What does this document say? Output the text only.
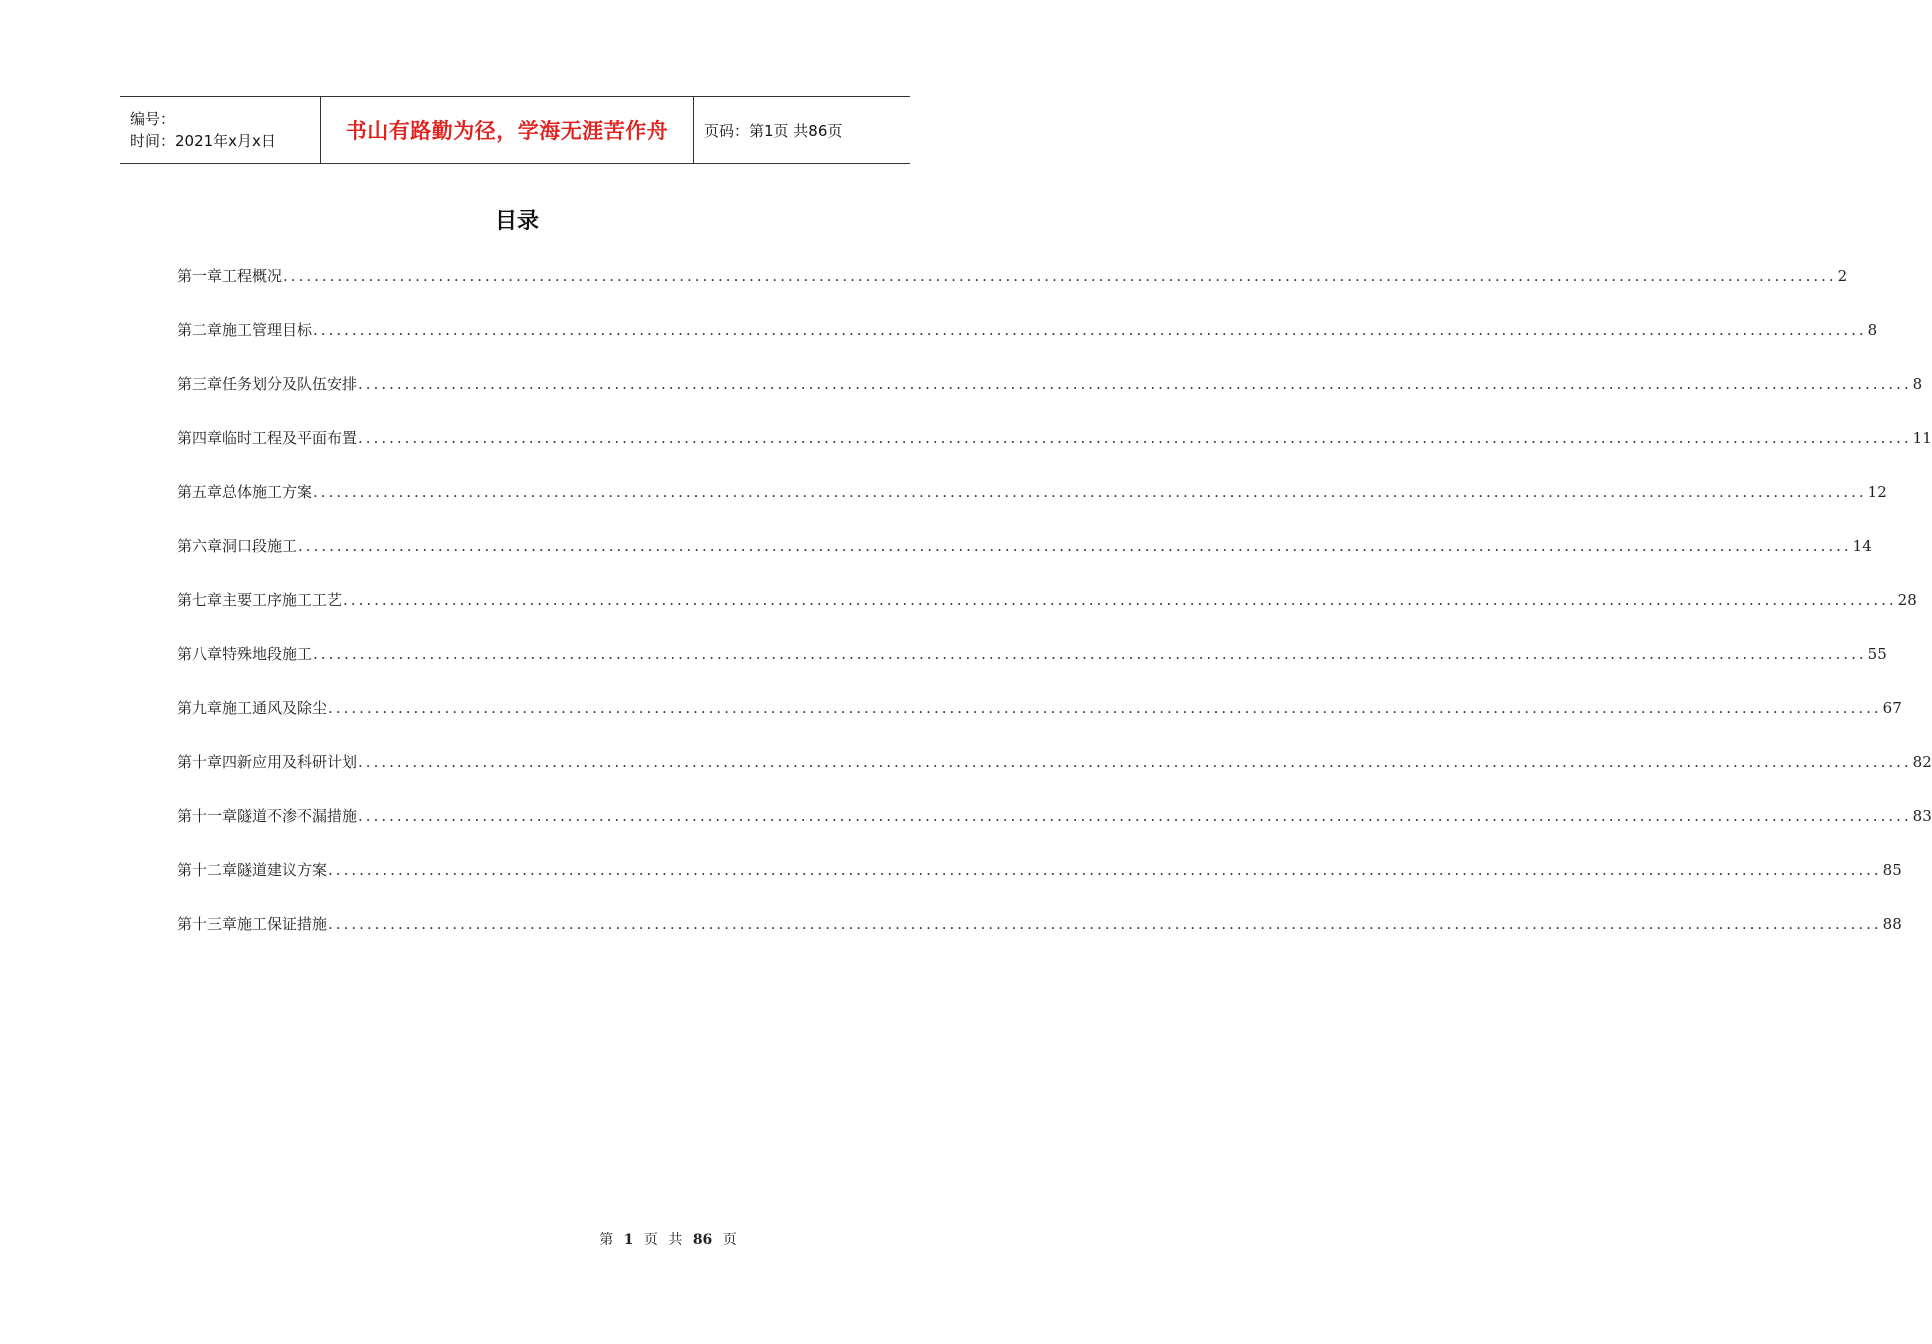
编号：
时间：2021年x月x日	书山有路勤为径，学海无涯苦作舟	页码：第1页 共86页
目录
第一章 工程概况 ........................................................................................................................................................................................................ 2
第二章 施工管理目标 ........................................................................................................................................................................................................ 8
第三章 任务划分及队伍安排 ........................................................................................................................................................................................................ 8
第四章 临时工程及平面布置 ........................................................................................................................................................................................................ 11
第五章 总体施工方案 ........................................................................................................................................................................................................ 12
第六章 洞口段施工 ........................................................................................................................................................................................................ 14
第七章 主要工序施工工艺 ........................................................................................................................................................................................................ 28
第八章 特殊地段施工 ........................................................................................................................................................................................................ 55
第九章 施工通风及除尘 ........................................................................................................................................................................................................ 67
第十章 四新应用及科研计划 ........................................................................................................................................................................................................ 82
第十一章 隧道不渗不漏措施 ........................................................................................................................................................................................................ 83
第十二章 隧道建议方案 ........................................................................................................................................................................................................ 85
第十三章 施工保证措施 ........................................................................................................................................................................................................ 88
第 1 页 共 86 页
